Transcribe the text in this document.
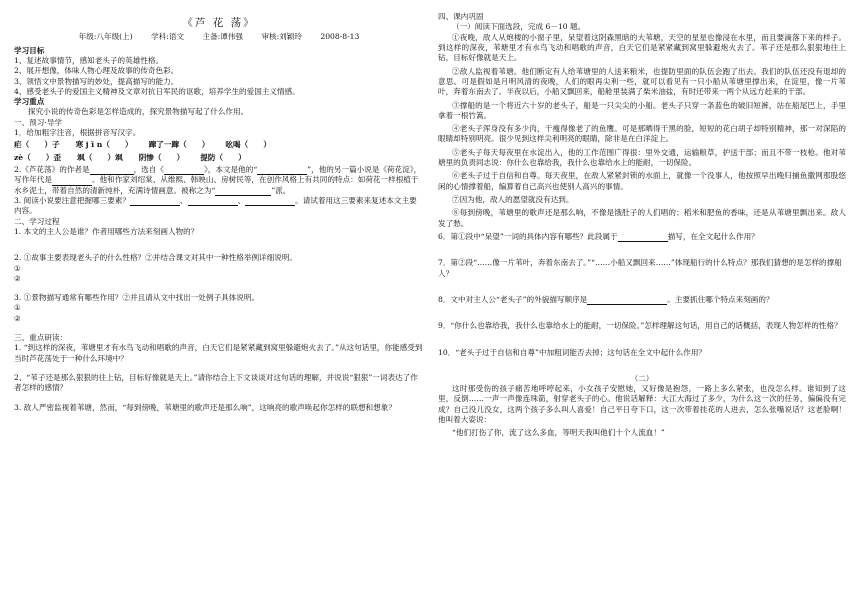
《芦 花 荡》
年级:八年级(上) 学科:语文 主备:谭伟强 审核:刘颖玲 2008-8-13

学习目标

1、复述故事情节，感知老头子的英雄性格。

2、展开想像，体味人物心理及故事的传奇色彩。

3、领悟文中景物描写的妙处，提高描写的能力。

4、感受老头子的爱国主义精神及文章对抗日军民的讴歌，培养学生的爱国主义情感。

学习重点

探究小说的传奇色彩是怎样造成的，探究景物描写起了什么作用。

一、预习·导学

1．给加粗字注音，根据拼音写汉字。

疟（　　）子 寒 j ī n（　　） 蹿了一蹿（　　） 吆喝（　　）
zè（　　）歪 飒（　　）飒 阴惨（　　） 提防（　　）

2.《芦花荡》的作者是	，选自《	》，本文是他的“	”，他的另一篇小说是《荷花淀》，写作年代是	。他和作家刘绍棠、从维熙、韩映山、房树民等，在创作风格上有共同的特点：如荷花一样根植于水乡泥土，带着自然的清新纯朴，充满诗情画意。被称之为“	”派。

3. 阅读小说要注意把握哪三要素？	、	、	。请试着用这三要素来复述本文主要内容。

二、学习过程

1. 本文的主人公是谁？作者用哪些方法来刻画人物的？

2. ①故事主要表现老头子的什么性格？②并结合课文对其中一种性格举例详细说明。

①

②

3. ①景物描写通常有哪些作用？②并且请从文中找出一处例子具体说明。

①

②

三、重点研读：

1. “到这样的深夜，苇塘里才有水鸟飞动和唱歌的声音，白天它们是紧紧藏到窝里躲避炮火去了。”从这句话里，你能感受到当时芦花荡处于一种什么环境中？

2、“苇子还是那么狠狠的往上钻，目标好像就是天上。”请你结合上下文谈谈对这句话的理解，并说说“狠狠”一词表达了作者怎样的感情？

3. 敌人严密监视着苇塘，然而，“每到傍晚，苇塘里的歌声还是那么响”，这响亮的歌声唤起你怎样的联想和想象？

四、课内巩固

（一）阅读下面选段，完成 6－10 题。

①夜晚，敌人从炮楼的小窗子里，呆望着这阴森黑暗的大苇塘，天空的星星也像浸在水里，而且要滴落下来的样子。到这样的深夜，苇塘里才有水鸟飞动和唱歌的声音，白天它们是紧紧藏到窝里躲避炮火去了。苇子还是那么狠狠地往上钻，目标好像就是天上。

②敌人监视着苇塘。他们断定有人给苇塘里的人送来粮米，也提防里面的队伍会跑了出去。我们的队伍还没有退却的意思。可是假如是月明风清的夜晚，人们的眼再尖利一些，就可以看见有一只小船从苇塘里撑出来，在淀里，像一片苇叶，奔着东南去了。半夜以后，小船又飘回来，船舱里装满了柴米油盐，有时还带来一两个从远方赶来的干部。

③撑船的是一个将近六十岁的老头子，船是一只尖尖的小船。老头子只穿一条蓝色的破旧短裤，站在船尾巴上，手里拿着一根竹篙。

④老头子浑身没有多少肉，干瘦得像老了的鱼鹰。可是那晒得干黑的脸，短短的花白胡子却特别精神，那一对深陷的眼睛却特别明亮。很少见到这样尖利明亮的眼睛，除非是在白洋淀上。

⑤老头子每天每夜里在水淀出入，他的工作范围广得很：里外交通，运输粮草，护送干部；而且不带一枝枪。他对苇塘里的负责同志说：你什么也靠给我，我什么也靠给水上的能耐，一切保险。

⑥老头子过于自信和自尊。每天夜里，在敌人紧紧封锁的水面上，就像一个没事人，他按照早出晚归捕鱼撒网那股悠闲的心情撑着船，编算着自己高兴也使别人高兴的事情。

⑦因为他，敌人的愿望就没有达到。

⑧每到傍晚，苇塘里的歌声还是那么响，不像是饿肚子的人们唱的；稻米和肥鱼的香味，还是从苇塘里飘出来。敌人发了愁。

6．第①段中“呆望”一词的具体内容有哪些？此段属于	描写，在全文起什么作用？

7．第②段“……像一片苇叶，奔着东南去了。”“……小船又飘回来……”体现船行的什么特点？那我们猜想的是怎样的撑船人？

8．文中对主人公“老头子”的外貌描写顺序是	。主要抓住哪个特点来刻画的？

9．“你什么也靠给我，我什么也靠给水上的能耐，一切保险。”怎样理解这句话，用自己的话概括，表现人物怎样的性格？

10．“老头子过于自信和自尊”中加粗词能否去掉；这句话在全文中起什么作用？

（二）

这时那受伤的孩子痛苦地呼哼起来，小女孩子安慰她，又好像是抱怨，一路上多么紧张，也没怎么样。谁知到了这里，反倒……一声一声像连珠箭，射穿老头子的心。他说话解释：大江大海过了多少，为什么这一次的任务，偏偏没有完成？自己没儿没女，这两个孩子多么叫人喜爱！自己平日夸下口，这一次带着挂花的人进去，怎么张嘴说话？这老脸啊！他叫着大姿说：

“他们打伤了你，流了这么多血，等明天我叫他们十个人流血！”
